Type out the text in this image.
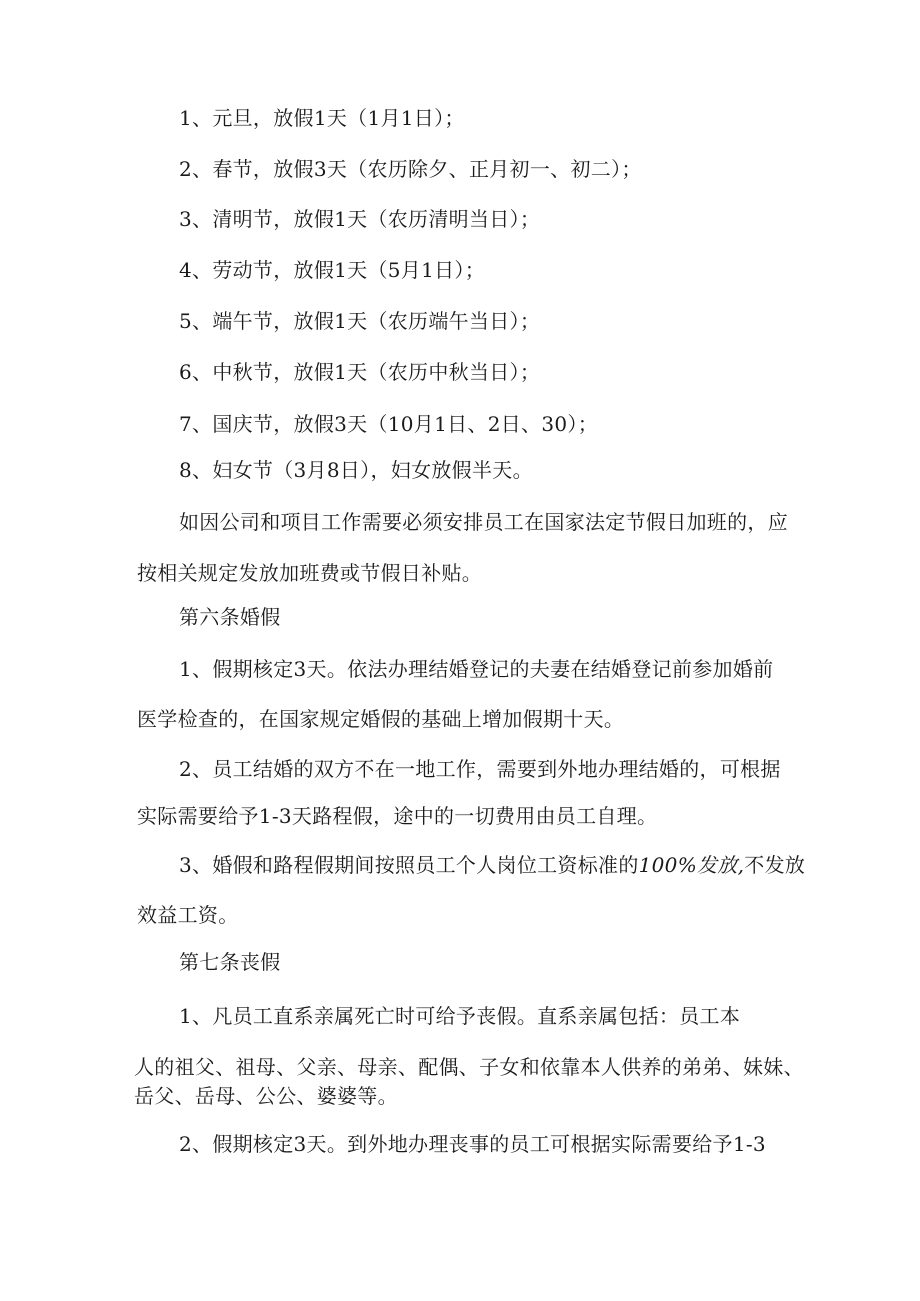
1、元旦，放假1天（1月1日）；

2、春节，放假3天（农历除夕、正月初一、初二）；

3、清明节，放假1天（农历清明当日）；

4、劳动节，放假1天（5月1日）；

5、端午节，放假1天（农历端午当日）；

6、中秋节，放假1天（农历中秋当日）；

7、国庆节，放假3天（10月1日、2日、30）；

8、妇女节（3月8日），妇女放假半天。

如因公司和项目工作需要必须安排员工在国家法定节假日加班的，应

按相关规定发放加班费或节假日补贴。

第六条婚假

1、假期核定3天。依法办理结婚登记的夫妻在结婚登记前参加婚前

医学检查的，在国家规定婚假的基础上增加假期十天。

2、员工结婚的双方不在一地工作，需要到外地办理结婚的，可根据

实际需要给予1-3天路程假，途中的一切费用由员工自理。

3、婚假和路程假期间按照员工个人岗位工资标准的100%发放,不发放

效益工资。

第七条丧假

1、凡员工直系亲属死亡时可给予丧假。直系亲属包括：员工本

人的祖父、祖母、父亲、母亲、配偶、子女和依靠本人供养的弟弟、妹妹、

岳父、岳母、公公、婆婆等。

2、假期核定3天。到外地办理丧事的员工可根据实际需要给予1-3
